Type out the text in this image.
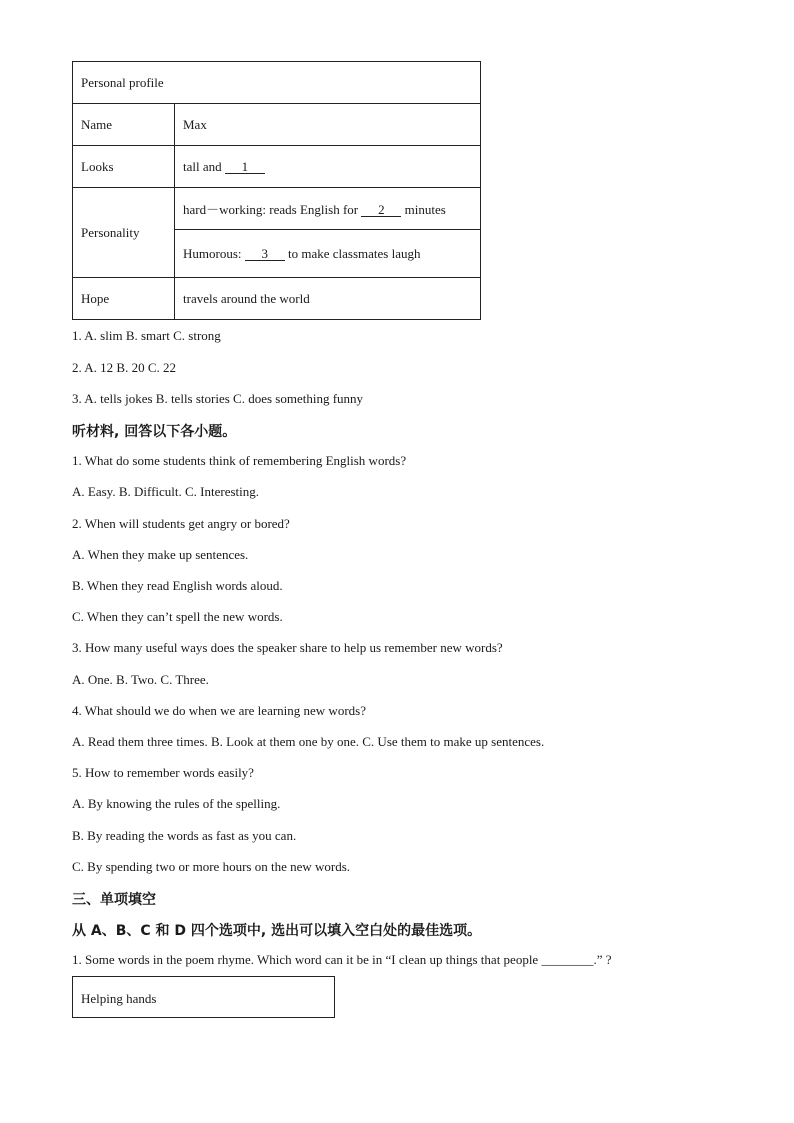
Personal profile	
Name	Max
Looks	tall and 1
Personality	hard－working: reads English for 2 minutes
	Humorous: 3 to make classmates laugh
Hope	travels around the world
1. A. slim B. smart C. strong
2. A. 12 B. 20 C. 22
3. A. tells jokes B. tells stories C. does something funny
听材料, 回答以下各小题。
1. What do some students think of remembering English words?
A. Easy. B. Difficult. C. Interesting.
2. When will students get angry or bored?
A. When they make up sentences.
B. When they read English words aloud.
C. When they can’t spell the new words.
3. How many useful ways does the speaker share to help us remember new words?
A. One. B. Two. C. Three.
4. What should we do when we are learning new words?
A. Read them three times. B. Look at them one by one. C. Use them to make up sentences.
5. How to remember words easily?
A. By knowing the rules of the spelling.
B. By reading the words as fast as you can.
C. By spending two or more hours on the new words.
三、单项填空
从 A、B、C 和 D 四个选项中, 选出可以填入空白处的最佳选项。
1. Some words in the poem rhyme. Which word can it be in “I clean up things that people ________.” ?
Helping hands
